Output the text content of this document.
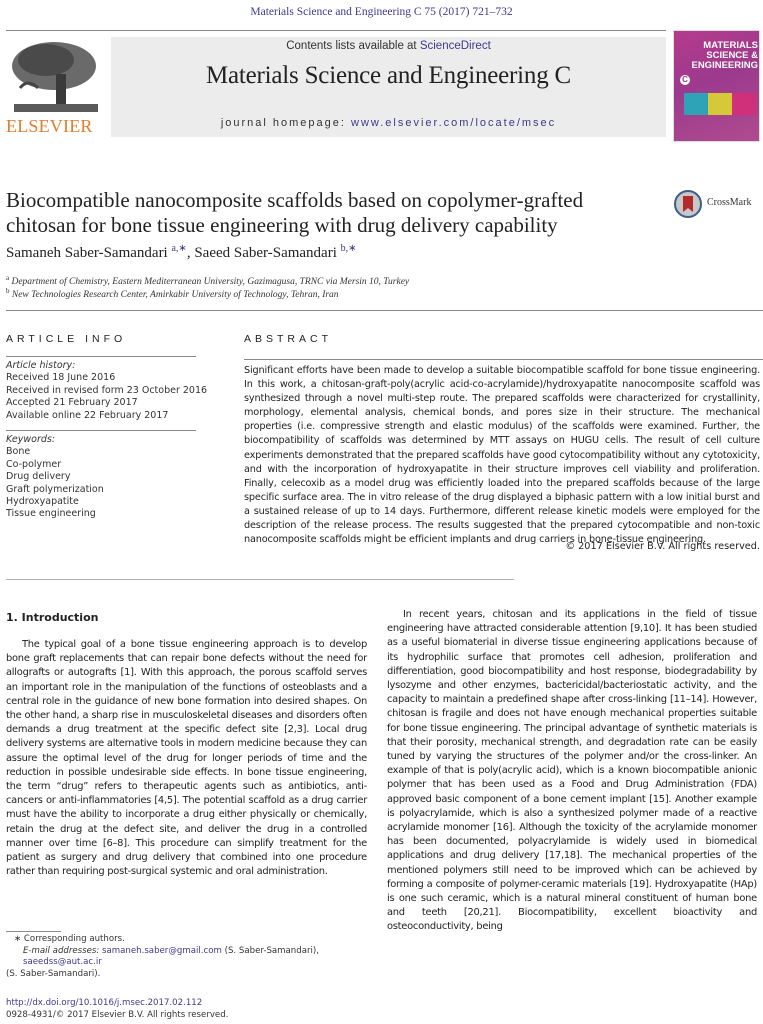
Materials Science and Engineering C 75 (2017) 721–732
ELSEVIER
Contents lists available at ScienceDirect
Materials Science and Engineering C
journal homepage: www.elsevier.com/locate/msec
MATERIALS
SCIENCE &
ENGINEERING
C
Biocompatible nanocomposite scaffolds based on copolymer-grafted
chitosan for bone tissue engineering with drug delivery capability
CrossMark
Samaneh Saber-Samandari $^{a,∗}$, Saeed Saber-Samandari $^{b,∗}$
$^a$ Department of Chemistry, Eastern Mediterranean University, Gazimagusa, TRNC via Mersin 10, Turkey
$^b$ New Technologies Research Center, Amirkabir University of Technology, Tehran, Iran
ARTICLE INFO	ABSTRACT
Article history:
Received 18 June 2016
Received in revised form 23 October 2016
Accepted 21 February 2017
Available online 22 February 2017
Keywords:
Bone
Co-polymer
Drug delivery
Graft polymerization
Hydroxyapatite
Tissue engineering
Significant efforts have been made to develop a suitable biocompatible scaffold for bone tissue engineering. In this work, a chitosan-graft-poly(acrylic acid-co-acrylamide)/hydroxyapatite nanocomposite scaffold was synthesized through a novel multi-step route. The prepared scaffolds were characterized for crystallinity, morphology, elemental analysis, chemical bonds, and pores size in their structure. The mechanical properties (i.e. compressive strength and elastic modulus) of the scaffolds were examined. Further, the biocompatibility of scaffolds was determined by MTT assays on HUGU cells. The result of cell culture experiments demonstrated that the prepared scaffolds have good cytocompatibility without any cytotoxicity, and with the incorporation of hydroxyapatite in their structure improves cell viability and proliferation. Finally, celecoxib as a model drug was efficiently loaded into the prepared scaffolds because of the large specific surface area. The in vitro release of the drug displayed a biphasic pattern with a low initial burst and a sustained release of up to 14 days. Furthermore, different release kinetic models were employed for the description of the release process. The results suggested that the prepared cytocompatible and non-toxic nanocomposite scaffolds might be efficient implants and drug carriers in bone-tissue engineering.
© 2017 Elsevier B.V. All rights reserved.
1. Introduction

The typical goal of a bone tissue engineering approach is to develop bone graft replacements that can repair bone defects without the need for allografts or autografts [1]. With this approach, the porous scaffold serves an important role in the manipulation of the functions of osteoblasts and a central role in the guidance of new bone formation into desired shapes. On the other hand, a sharp rise in musculoskeletal diseases and disorders often demands a drug treatment at the specific defect site [2,3]. Local drug delivery systems are alternative tools in modern medicine because they can assure the optimal level of the drug for longer periods of time and the reduction in possible undesirable side effects. In bone tissue engineering, the term “drug” refers to therapeutic agents such as antibiotics, anti-cancers or anti-inflammatories [4,5]. The potential scaffold as a drug carrier must have the ability to incorporate a drug either physically or chemically, retain the drug at the defect site, and deliver the drug in a controlled manner over time [6–8]. This procedure can simplify treatment for the patient as surgery and drug delivery that combined into one procedure rather than requiring post-surgical systemic and oral administration.

In recent years, chitosan and its applications in the field of tissue engineering have attracted considerable attention [9,10]. It has been studied as a useful biomaterial in diverse tissue engineering applications because of its hydrophilic surface that promotes cell adhesion, proliferation and differentiation, good biocompatibility and host response, biodegradability by lysozyme and other enzymes, bactericidal/bacteriostatic activity, and the capacity to maintain a predefined shape after cross-linking [11–14]. However, chitosan is fragile and does not have enough mechanical properties suitable for bone tissue engineering. The principal advantage of synthetic materials is that their porosity, mechanical strength, and degradation rate can be easily tuned by varying the structures of the polymer and/or the cross-linker. An example of that is poly(acrylic acid), which is a known biocompatible anionic polymer that has been used as a Food and Drug Administration (FDA) approved basic component of a bone cement implant [15]. Another example is polyacrylamide, which is also a synthesized polymer made of a reactive acrylamide monomer [16]. Although the toxicity of the acrylamide monomer has been documented, polyacrylamide is widely used in biomedical applications and drug delivery [17,18]. The mechanical properties of the mentioned polymers still need to be improved which can be achieved by forming a composite of polymer-ceramic materials [19]. Hydroxyapatite (HAp) is one such ceramic, which is a natural mineral constituent of human bone and teeth [20,21]. Biocompatibility, excellent bioactivity and osteoconductivity, being

∗ Corresponding authors.
E-mail addresses: samaneh.saber@gmail.com (S. Saber-Samandari), saeedss@aut.ac.ir
(S. Saber-Samandari).
http://dx.doi.org/10.1016/j.msec.2017.02.112
0928-4931/© 2017 Elsevier B.V. All rights reserved.
